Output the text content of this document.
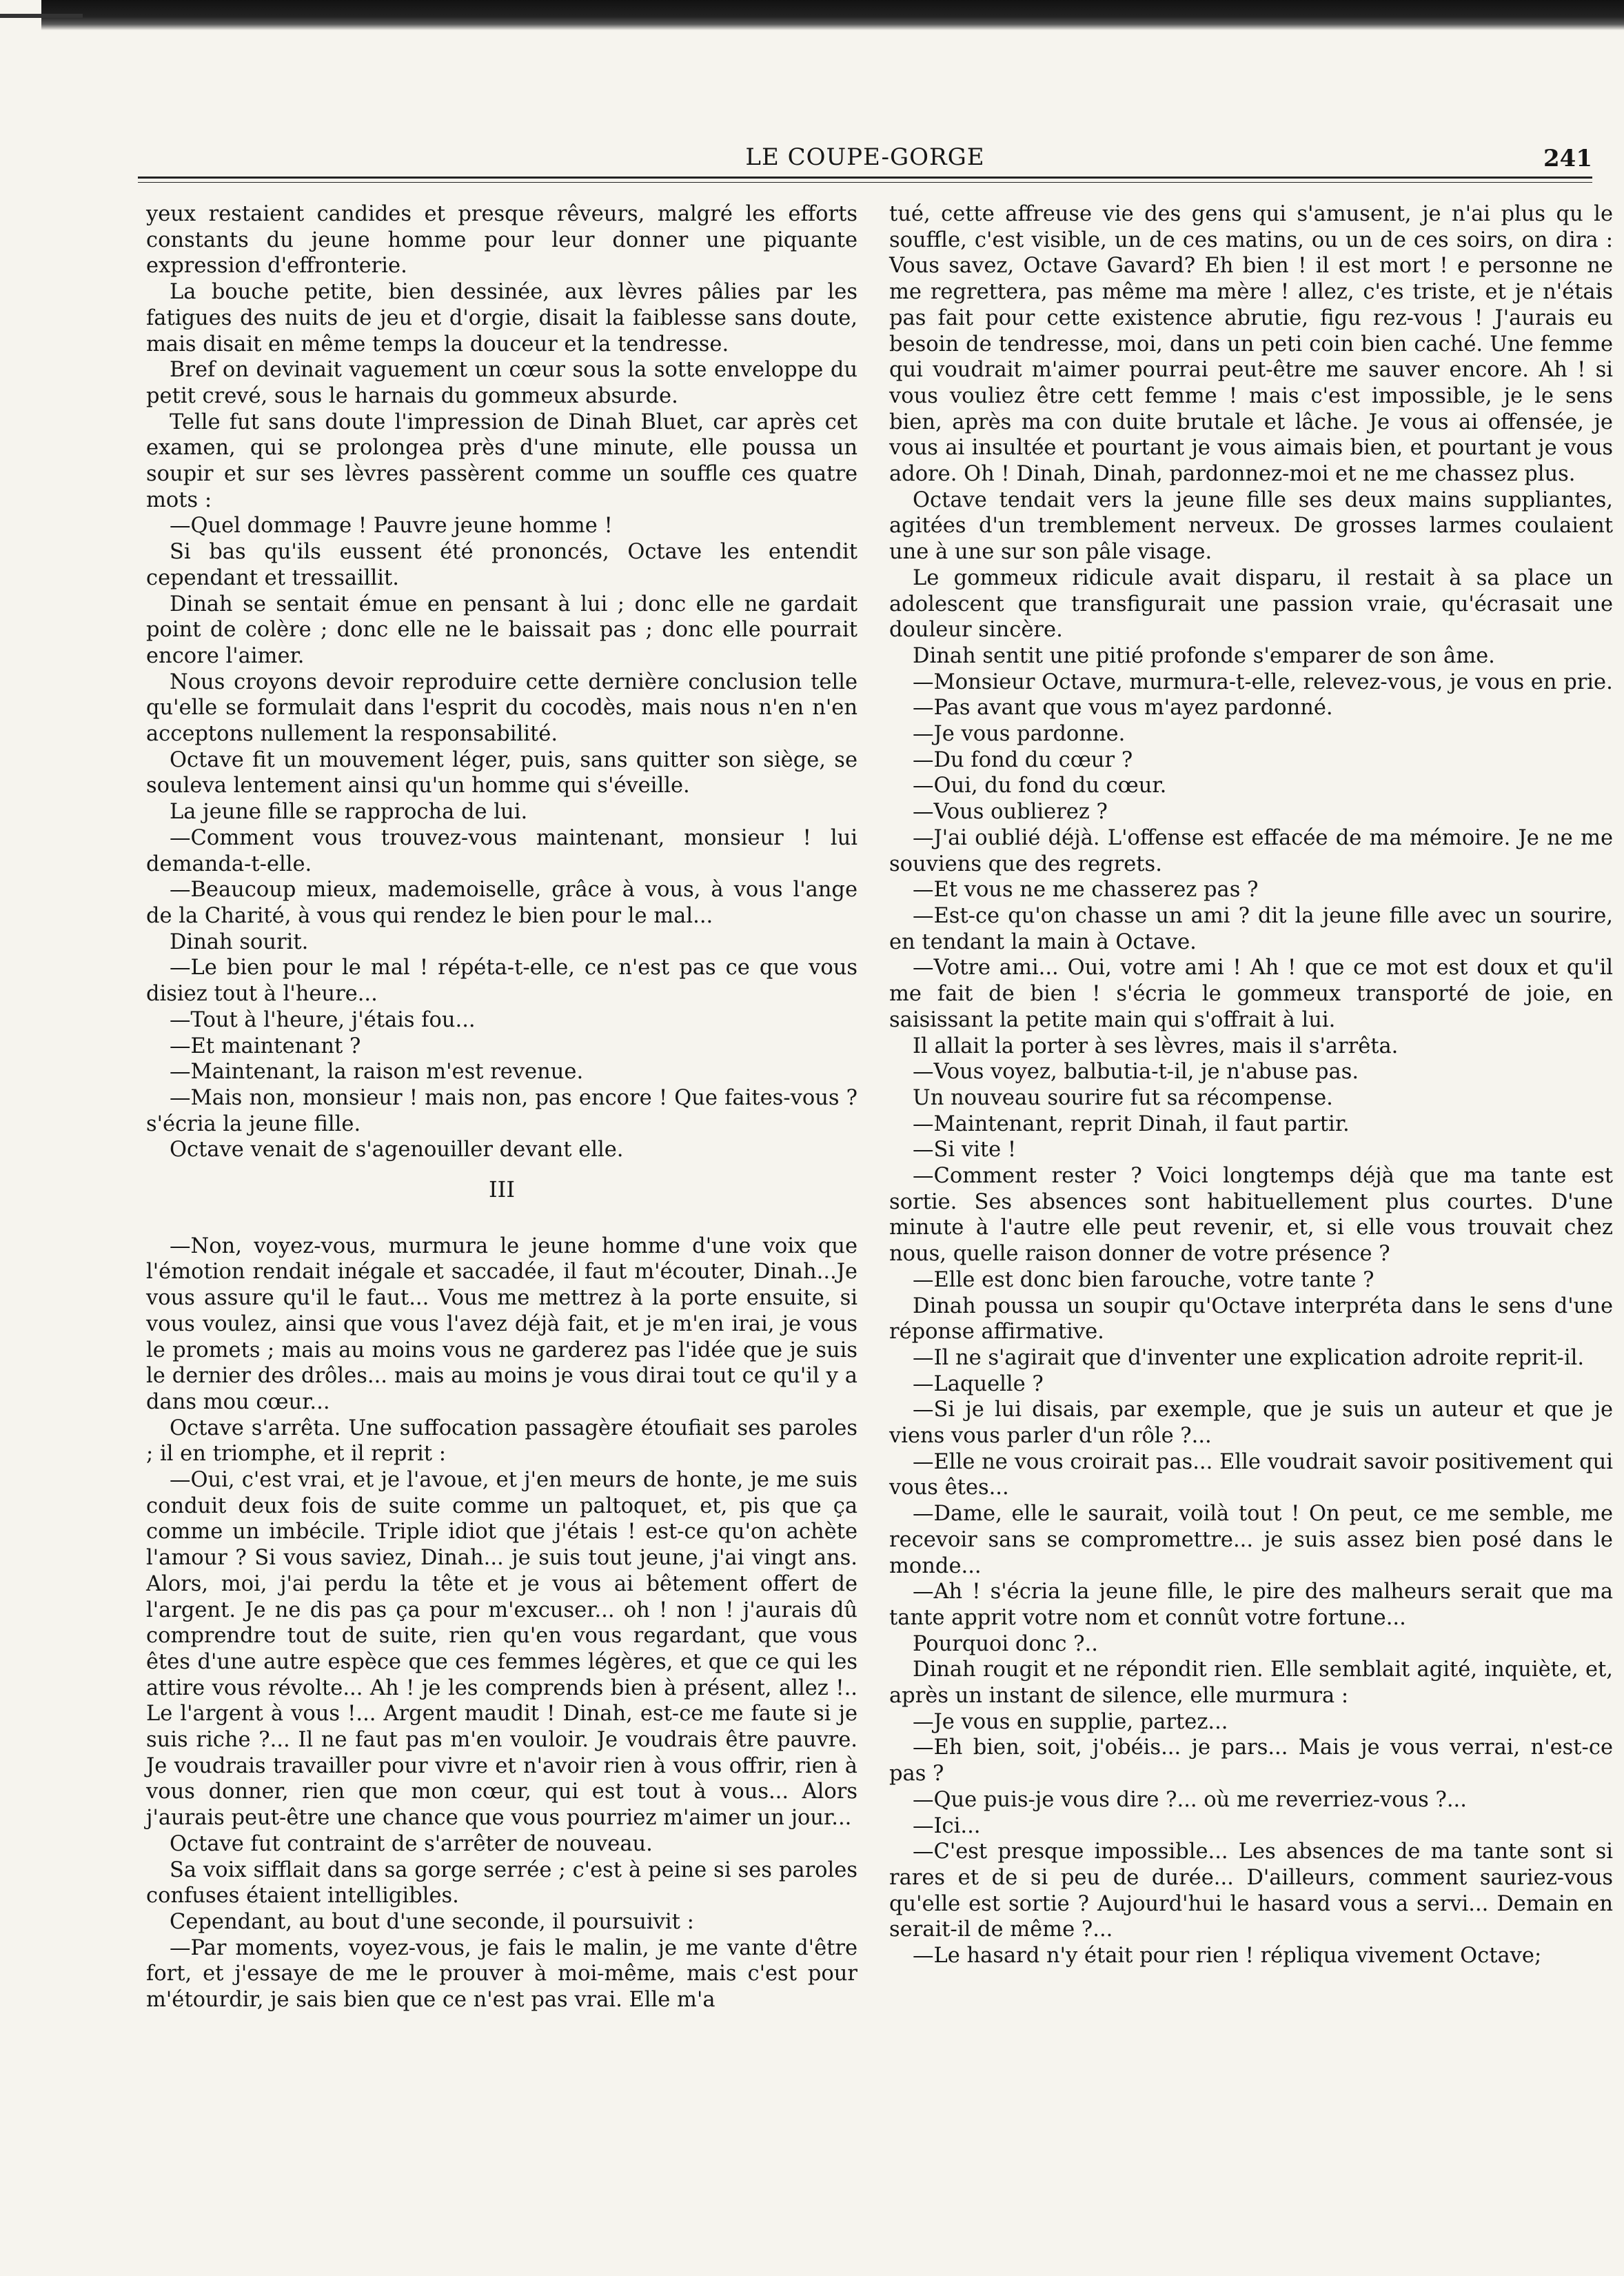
LE COUPE-GORGE	241

yeux restaient candides et presque rêveurs, malgré les efforts constants du jeune homme pour leur donner une piquante expression d'effronterie.

La bouche petite, bien dessinée, aux lèvres pâlies par les fatigues des nuits de jeu et d'orgie, disait la faiblesse sans doute, mais disait en même temps la douceur et la tendresse.

Bref on devinait vaguement un cœur sous la sotte enveloppe du petit crevé, sous le harnais du gommeux absurde.

Telle fut sans doute l'impression de Dinah Bluet, car après cet examen, qui se prolongea près d'une minute, elle poussa un soupir et sur ses lèvres passèrent comme un souffle ces quatre mots :

—Quel dommage ! Pauvre jeune homme !

Si bas qu'ils eussent été prononcés, Octave les entendit cependant et tressaillit.

Dinah se sentait émue en pensant à lui ; donc elle ne gardait point de colère ; donc elle ne le baissait pas ; donc elle pourrait encore l'aimer.

Nous croyons devoir reproduire cette dernière conclusion telle qu'elle se formulait dans l'esprit du cocodès, mais nous n'en n'en acceptons nullement la responsabilité.

Octave fit un mouvement léger, puis, sans quitter son siège, se souleva lentement ainsi qu'un homme qui s'éveille.

La jeune fille se rapprocha de lui.

—Comment vous trouvez-vous maintenant, monsieur ! lui demanda-t-elle.

—Beaucoup mieux, mademoiselle, grâce à vous, à vous l'ange de la Charité, à vous qui rendez le bien pour le mal...

Dinah sourit.

—Le bien pour le mal ! répéta-t-elle, ce n'est pas ce que vous disiez tout à l'heure...

—Tout à l'heure, j'étais fou...

—Et maintenant ?

—Maintenant, la raison m'est revenue.

—Mais non, monsieur ! mais non, pas encore ! Que faites-vous ? s'écria la jeune fille.

Octave venait de s'agenouiller devant elle.

III

—Non, voyez-vous, murmura le jeune homme d'une voix que l'émotion rendait inégale et saccadée, il faut m'écouter, Dinah...Je vous assure qu'il le faut... Vous me mettrez à la porte ensuite, si vous voulez, ainsi que vous l'avez déjà fait, et je m'en irai, je vous le promets ; mais au moins vous ne garderez pas l'idée que je suis le dernier des drôles... mais au moins je vous dirai tout ce qu'il y a dans mou cœur...

Octave s'arrêta. Une suffocation passagère étoufiait ses paroles ; il en triomphe, et il reprit :

—Oui, c'est vrai, et je l'avoue, et j'en meurs de honte, je me suis conduit deux fois de suite comme un paltoquet, et, pis que ça comme un imbécile. Triple idiot que j'étais ! est-ce qu'on achète l'amour ? Si vous saviez, Dinah... je suis tout jeune, j'ai vingt ans. Alors, moi, j'ai perdu la tête et je vous ai bêtement offert de l'argent. Je ne dis pas ça pour m'excuser... oh ! non ! j'aurais dû comprendre tout de suite, rien qu'en vous regardant, que vous êtes d'une autre espèce que ces femmes légères, et que ce qui les attire vous révolte... Ah ! je les comprends bien à présent, allez !.. Le l'argent à vous !... Argent maudit ! Dinah, est-ce me faute si je suis riche ?... Il ne faut pas m'en vouloir. Je voudrais être pauvre. Je voudrais travailler pour vivre et n'avoir rien à vous offrir, rien à vous donner, rien que mon cœur, qui est tout à vous... Alors j'aurais peut-être une chance que vous pourriez m'aimer un jour...

Octave fut contraint de s'arrêter de nouveau.

Sa voix sifflait dans sa gorge serrée ; c'est à peine si ses paroles confuses étaient intelligibles.

Cependant, au bout d'une seconde, il poursuivit :

—Par moments, voyez-vous, je fais le malin, je me vante d'être fort, et j'essaye de me le prouver à moi-même, mais c'est pour m'étourdir, je sais bien que ce n'est pas vrai. Elle m'a

tué, cette affreuse vie des gens qui s'amusent, je n'ai plus qu le souffle, c'est visible, un de ces matins, ou un de ces soirs, on dira : Vous savez, Octave Gavard? Eh bien ! il est mort ! e personne ne me regrettera, pas même ma mère ! allez, c'es triste, et je n'étais pas fait pour cette existence abrutie, figu rez-vous ! J'aurais eu besoin de tendresse, moi, dans un peti coin bien caché. Une femme qui voudrait m'aimer pourrai peut-être me sauver encore. Ah ! si vous vouliez être cett femme ! mais c'est impossible, je le sens bien, après ma con duite brutale et lâche. Je vous ai offensée, je vous ai insultée et pourtant je vous aimais bien, et pourtant je vous adore. Oh ! Dinah, Dinah, pardonnez-moi et ne me chassez plus.

Octave tendait vers la jeune fille ses deux mains suppliantes, agitées d'un tremblement nerveux. De grosses larmes coulaient une à une sur son pâle visage.

Le gommeux ridicule avait disparu, il restait à sa place un adolescent que transfigurait une passion vraie, qu'écrasait une douleur sincère.

Dinah sentit une pitié profonde s'emparer de son âme.

—Monsieur Octave, murmura-t-elle, relevez-vous, je vous en prie.

—Pas avant que vous m'ayez pardonné.

—Je vous pardonne.

—Du fond du cœur ?

—Oui, du fond du cœur.

—Vous oublierez ?

—J'ai oublié déjà. L'offense est effacée de ma mémoire. Je ne me souviens que des regrets.

—Et vous ne me chasserez pas ?

—Est-ce qu'on chasse un ami ? dit la jeune fille avec un sourire, en tendant la main à Octave.

—Votre ami... Oui, votre ami ! Ah ! que ce mot est doux et qu'il me fait de bien ! s'écria le gommeux transporté de joie, en saisissant la petite main qui s'offrait à lui.

Il allait la porter à ses lèvres, mais il s'arrêta.

—Vous voyez, balbutia-t-il, je n'abuse pas.

Un nouveau sourire fut sa récompense.

—Maintenant, reprit Dinah, il faut partir.

—Si vite !

—Comment rester ? Voici longtemps déjà que ma tante est sortie. Ses absences sont habituellement plus courtes. D'une minute à l'autre elle peut revenir, et, si elle vous trouvait chez nous, quelle raison donner de votre présence ?

—Elle est donc bien farouche, votre tante ?

Dinah poussa un soupir qu'Octave interpréta dans le sens d'une réponse affirmative.

—Il ne s'agirait que d'inventer une explication adroite reprit-il.

—Laquelle ?

—Si je lui disais, par exemple, que je suis un auteur et que je viens vous parler d'un rôle ?...

—Elle ne vous croirait pas... Elle voudrait savoir positivement qui vous êtes...

—Dame, elle le saurait, voilà tout ! On peut, ce me semble, me recevoir sans se compromettre... je suis assez bien posé dans le monde...

—Ah ! s'écria la jeune fille, le pire des malheurs serait que ma tante apprit votre nom et connût votre fortune...

Pourquoi donc ?..

Dinah rougit et ne répondit rien. Elle semblait agité, inquiète, et, après un instant de silence, elle murmura :

—Je vous en supplie, partez...

—Eh bien, soit, j'obéis... je pars... Mais je vous verrai, n'est-ce pas ?

—Que puis-je vous dire ?... où me reverriez-vous ?...

—Ici...

—C'est presque impossible... Les absences de ma tante sont si rares et de si peu de durée... D'ailleurs, comment sauriez-vous qu'elle est sortie ? Aujourd'hui le hasard vous a servi... Demain en serait-il de même ?...

—Le hasard n'y était pour rien ! répliqua vivement Octave;
